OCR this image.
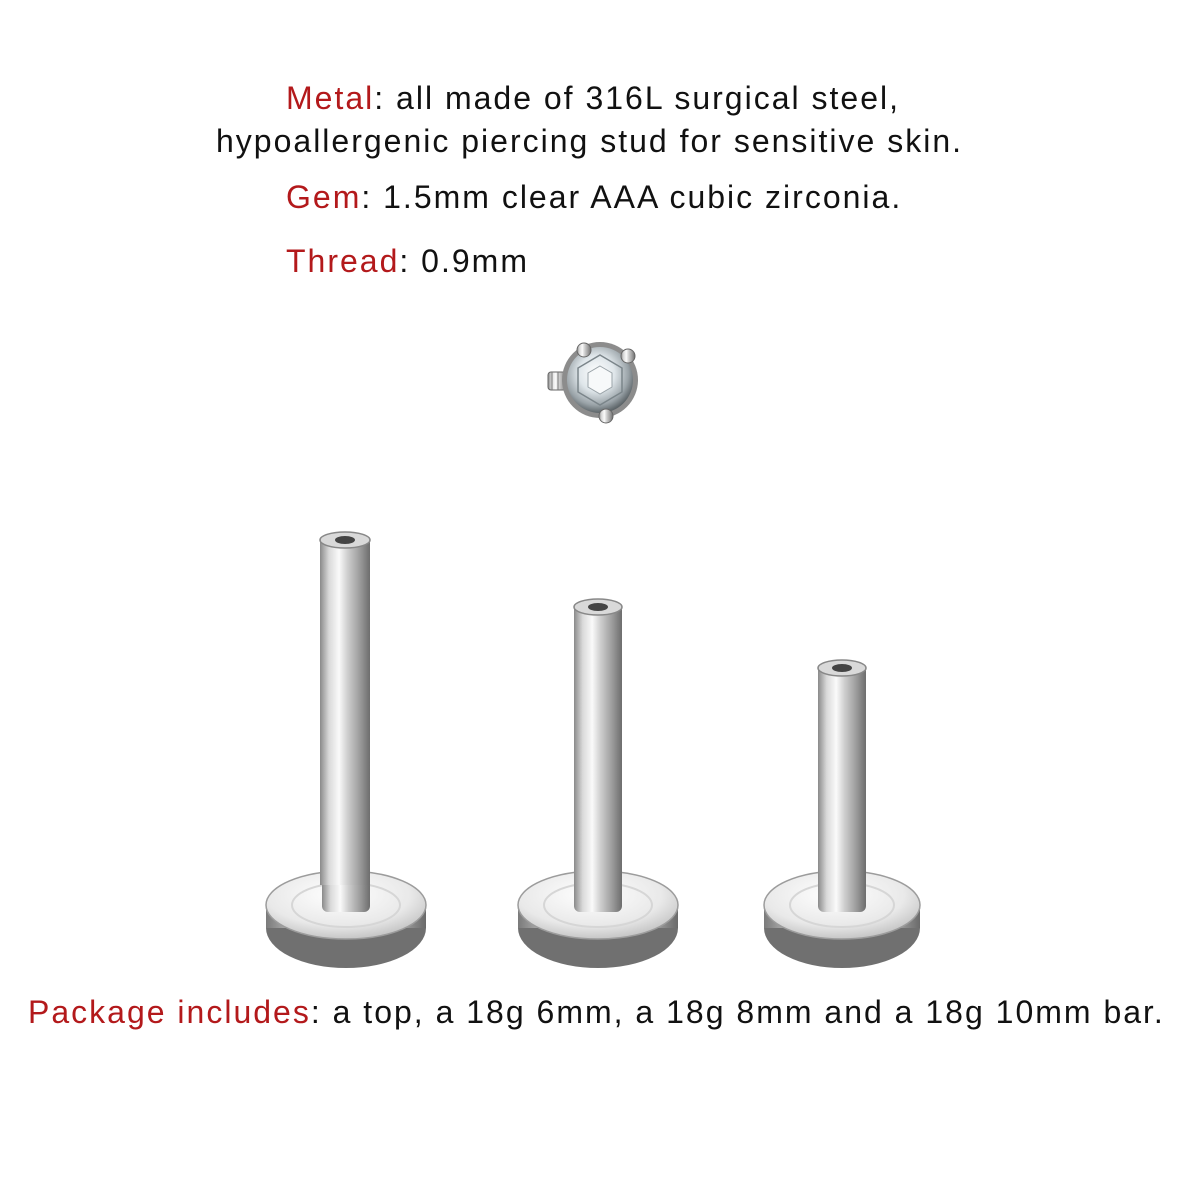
Metal: all made of 316L surgical steel,
hypoallergenic piercing stud for sensitive skin.
Gem: 1.5mm clear AAA cubic zirconia.
Thread: 0.9mm
Package includes: a top, a 18g 6mm, a 18g 8mm and a 18g 10mm bar.
